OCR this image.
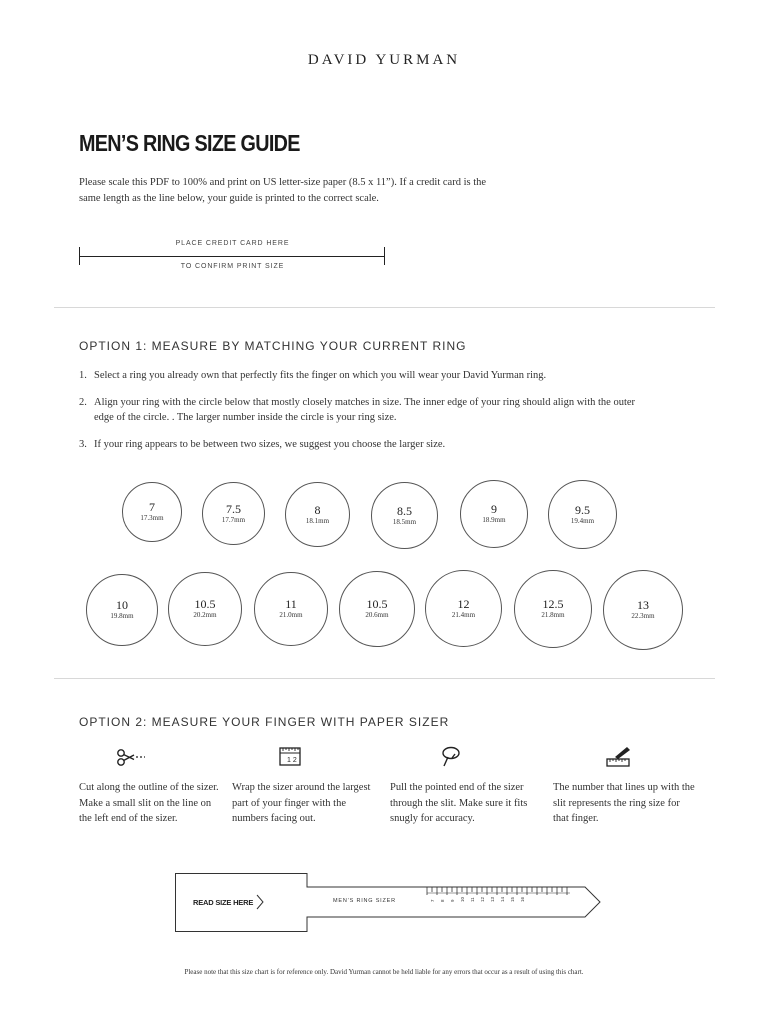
DAVID YURMAN
MEN’S RING SIZE GUIDE
Please scale this PDF to 100% and print on US letter-size paper (8.5 x 11”). If a credit card is the same length as the line below, your guide is printed to the correct scale.
PLACE CREDIT CARD HERE
TO CONFIRM PRINT SIZE
OPTION 1: MEASURE BY MATCHING YOUR CURRENT RING
1. Select a ring you already own that perfectly fits the finger on which you will wear your David Yurman ring.
2. Align your ring with the circle below that mostly closely matches in size. The inner edge of your ring should align with the outer edge of the circle. . The larger number inside the circle is your ring size.
3. If your ring appears to be between two sizes, we suggest you choose the larger size.
7
17.3mm
7.5
17.7mm
8
18.1mm
8.5
18.5mm
9
18.9mm
9.5
19.4mm
10
19.8mm
10.5
20.2mm
11
21.0mm
10.5
20.6mm
12
21.4mm
12.5
21.8mm
13
22.3mm
OPTION 2: MEASURE YOUR FINGER WITH PAPER SIZER
1 2
Cut along the outline of the sizer. Make a small slit on the line on the left end of the sizer.
Wrap the sizer around the largest part of your finger with the numbers facing out.
Pull the pointed end of the sizer through the slit. Make sure it fits snugly for accuracy.
The number that lines up with the slit represents the ring size for that finger.
7 8 9 10 11 12 13 14 15 16
READ SIZE HERE	MEN’S RING SIZER
Please note that this size chart is for reference only. David Yurman cannot be held liable for any errors that occur as a result of using this chart.
